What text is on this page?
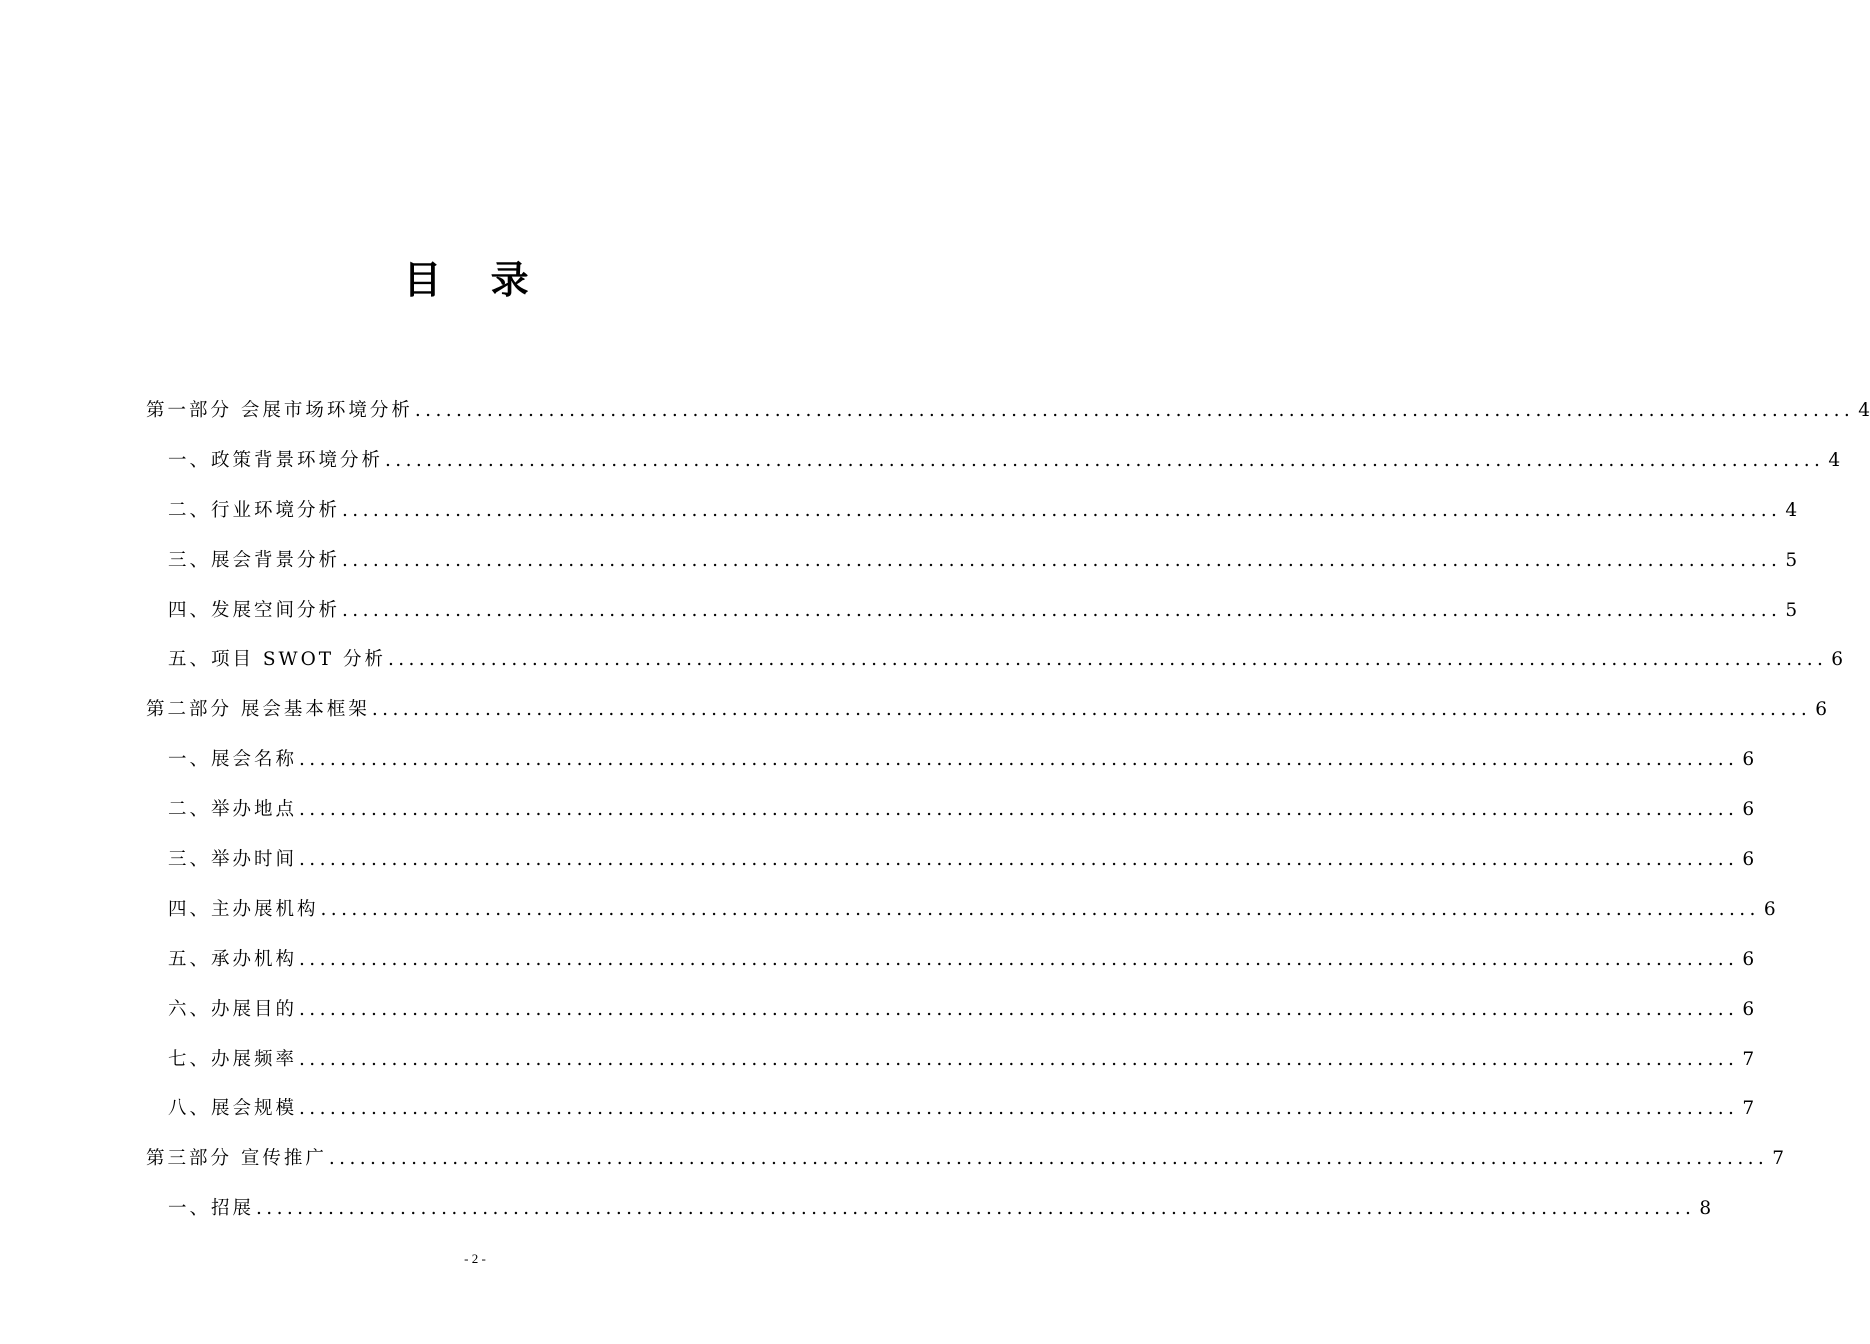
目 录
第一部分 会展市场环境分析 ............................................................................................................................................ 4
一、政策背景环境分析 ............................................................................................................................................ 4
二、行业环境分析 ............................................................................................................................................ 4
三、展会背景分析 ............................................................................................................................................ 5
四、发展空间分析 ............................................................................................................................................ 5
五、项目 SWOT 分析 ............................................................................................................................................ 6
第二部分 展会基本框架 ............................................................................................................................................ 6
一、展会名称 ............................................................................................................................................ 6
二、举办地点 ............................................................................................................................................ 6
三、举办时间 ............................................................................................................................................ 6
四、主办展机构 ............................................................................................................................................ 6
五、承办机构 ............................................................................................................................................ 6
六、办展目的 ............................................................................................................................................ 6
七、办展频率 ............................................................................................................................................ 7
八、展会规模 ............................................................................................................................................ 7
第三部分 宣传推广 ............................................................................................................................................ 7
一、招展 ............................................................................................................................................ 8
- 2 -
